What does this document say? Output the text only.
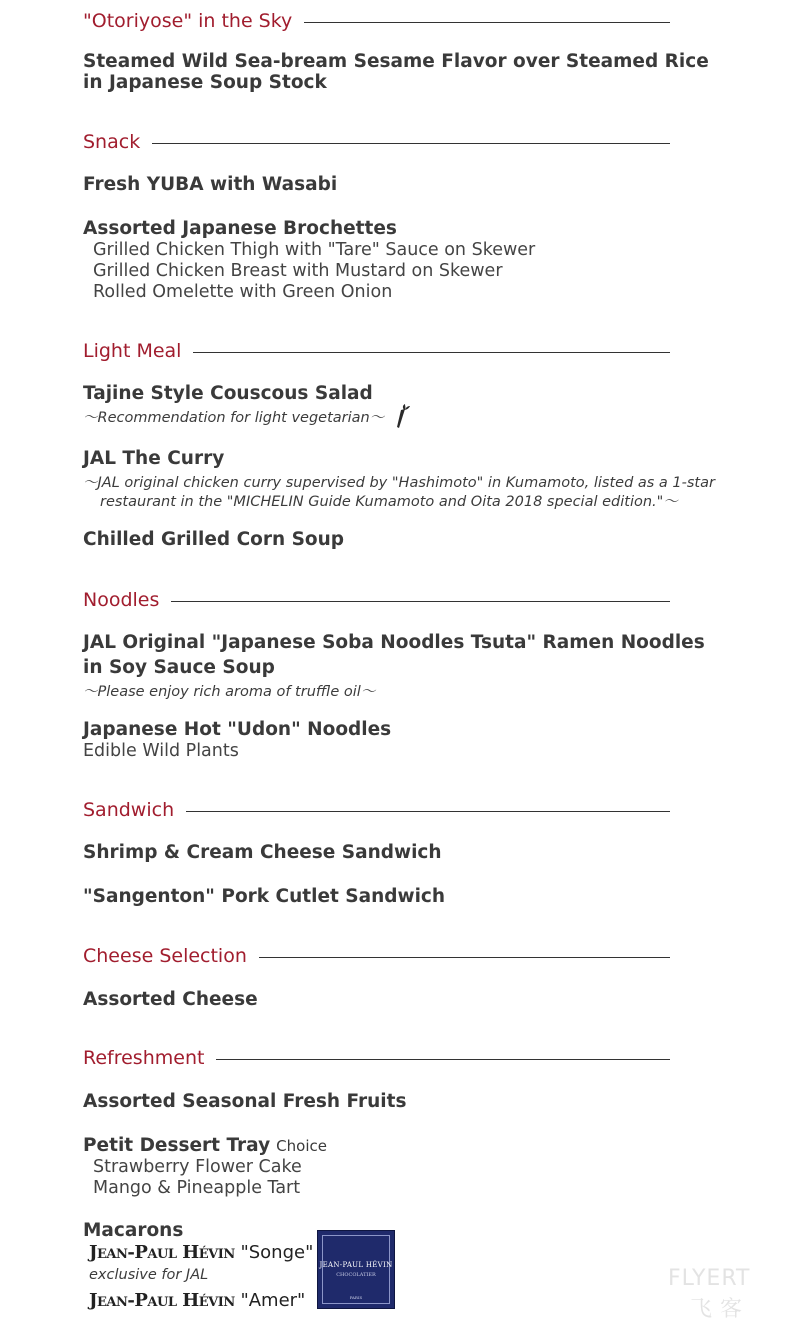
"Otoriyose" in the Sky
Steamed Wild Sea-bream Sesame Flavor over Steamed Rice
in Japanese Soup Stock
Snack
Fresh YUBA with Wasabi
Assorted Japanese Brochettes
Grilled Chicken Thigh with "Tare" Sauce on Skewer
Grilled Chicken Breast with Mustard on Skewer
Rolled Omelette with Green Onion
Light Meal
Tajine Style Couscous Salad
～Recommendation for light vegetarian～
JAL The Curry
～JAL original chicken curry supervised by "Hashimoto" in Kumamoto, listed as a 1-star
restaurant in the "MICHELIN Guide Kumamoto and Oita 2018 special edition."～
Chilled Grilled Corn Soup
Noodles
JAL Original "Japanese Soba Noodles Tsuta" Ramen Noodles
in Soy Sauce Soup
～Please enjoy rich aroma of truffle oil～
Japanese Hot "Udon" Noodles
Edible Wild Plants
Sandwich
Shrimp & Cream Cheese Sandwich
"Sangenton" Pork Cutlet Sandwich
Cheese Selection
Assorted Cheese
Refreshment
Assorted Seasonal Fresh Fruits
Petit Dessert Tray Choice
Strawberry Flower Cake
Mango & Pineapple Tart
Macarons
Jean-Paul Hévin "Songe"
exclusive for JAL
Jean-Paul Hévin "Amer"
JEAN-PAUL HÉVIN
CHOCOLATIER
PARIS
FLYERT
飞客
